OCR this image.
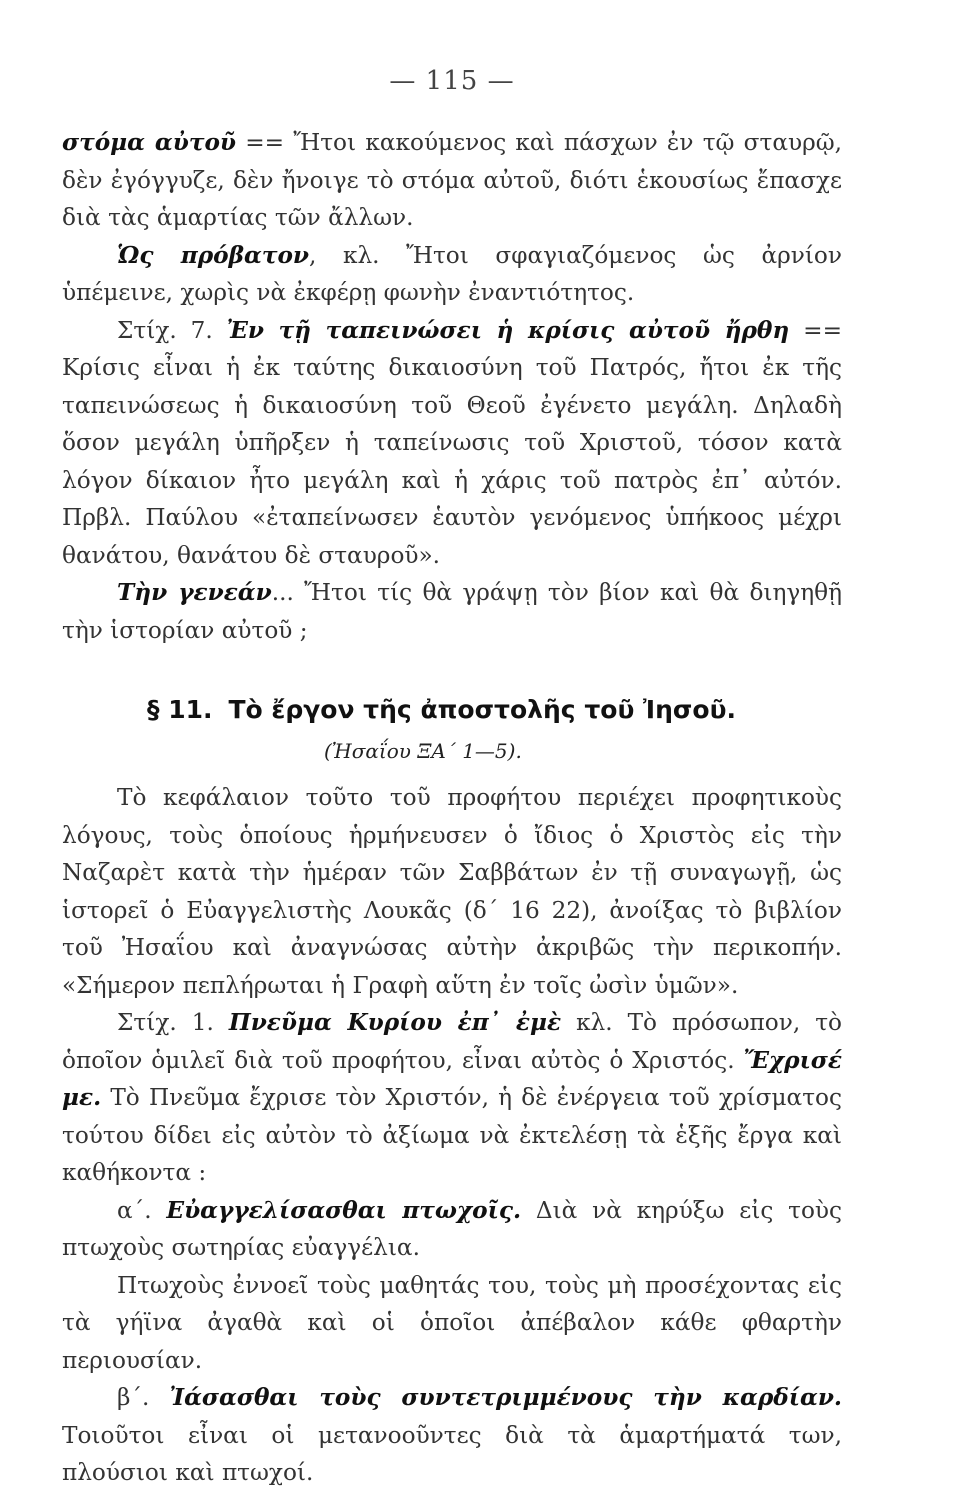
— 115 —

στόμα αὐτοῦ == Ἤτοι κακούμενος καὶ πάσχων ἐν τῷ σταυρῷ, δὲν ἐγόγγυζε, δὲν ἤνοιγε τὸ στόμα αὐτοῦ, διότι ἑκουσίως ἔπασχε διὰ τὰς ἁμαρτίας τῶν ἄλλων.

Ὡς πρόβατον, κλ. Ἤτοι σφαγιαζόμενος ὡς ἀρνίον ὑπέμεινε, χωρὶς νὰ ἐκφέρῃ φωνὴν ἐναντιότητος.

Στίχ. 7. Ἐν τῇ ταπεινώσει ἡ κρίσις αὐτοῦ ἤρθη == Κρίσις εἶναι ἡ ἐκ ταύτης δικαιοσύνη τοῦ Πατρός, ἤτοι ἐκ τῆς ταπεινώσεως ἡ δικαιοσύνη τοῦ Θεοῦ ἐγένετο μεγάλη. Δηλαδὴ ὅσον μεγάλη ὑπῆρξεν ἡ ταπείνωσις τοῦ Χριστοῦ, τόσον κατὰ λόγον δίκαιον ἦτο μεγάλη καὶ ἡ χάρις τοῦ πατρὸς ἐπ᾽ αὐτόν. Πρβλ. Παύλου «ἐταπείνωσεν ἑαυτὸν γενόμενος ὑπήκοος μέχρι θανάτου, θανάτου δὲ σταυροῦ».

Τὴν γενεάν... Ἤτοι τίς θὰ γράψῃ τὸν βίον καὶ θὰ διηγηθῇ τὴν ἱστορίαν αὐτοῦ ;

§ 11. Τὸ ἔργον τῆς ἀποστολῆς τοῦ Ἰησοῦ.
(Ἠσαΐου ΞΑ΄ 1—5).

Τὸ κεφάλαιον τοῦτο τοῦ προφήτου περιέχει προφητικοὺς λόγους, τοὺς ὁποίους ἡρμήνευσεν ὁ ἴδιος ὁ Χριστὸς εἰς τὴν Ναζαρὲτ κατὰ τὴν ἡμέραν τῶν Σαββάτων ἐν τῇ συναγωγῇ, ὡς ἱστορεῖ ὁ Εὐαγγελιστὴς Λουκᾶς (δ΄ 16 22), ἀνοίξας τὸ βιβλίον τοῦ Ἠσαΐου καὶ ἀναγνώσας αὐτὴν ἀκριβῶς τὴν περικοπήν. «Σήμερον πεπλήρωται ἡ Γραφὴ αὕτη ἐν τοῖς ὠσὶν ὑμῶν».

Στίχ. 1. Πνεῦμα Κυρίου ἐπ᾽ ἐμὲ κλ. Τὸ πρόσωπον, τὸ ὁποῖον ὁμιλεῖ διὰ τοῦ προφήτου, εἶναι αὐτὸς ὁ Χριστός. Ἔχρισέ με. Τὸ Πνεῦμα ἔχρισε τὸν Χριστόν, ἡ δὲ ἐνέργεια τοῦ χρίσματος τούτου δίδει εἰς αὐτὸν τὸ ἀξίωμα νὰ ἐκτελέσῃ τὰ ἑξῆς ἔργα καὶ καθήκοντα :

α΄. Εὐαγγελίσασθαι πτωχοῖς. Διὰ νὰ κηρύξω εἰς τοὺς πτωχοὺς σωτηρίας εὐαγγέλια.

Πτωχοὺς ἐννοεῖ τοὺς μαθητάς του, τοὺς μὴ προσέχοντας εἰς τὰ γήϊνα ἀγαθὰ καὶ οἱ ὁποῖοι ἀπέβαλον κάθε φθαρτὴν περιουσίαν.

β΄. Ἰάσασθαι τοὺς συντετριμμένους τὴν καρδίαν. Τοιοῦτοι εἶναι οἱ μετανοοῦντες διὰ τὰ ἁμαρτήματά των, πλούσιοι καὶ πτωχοί.
